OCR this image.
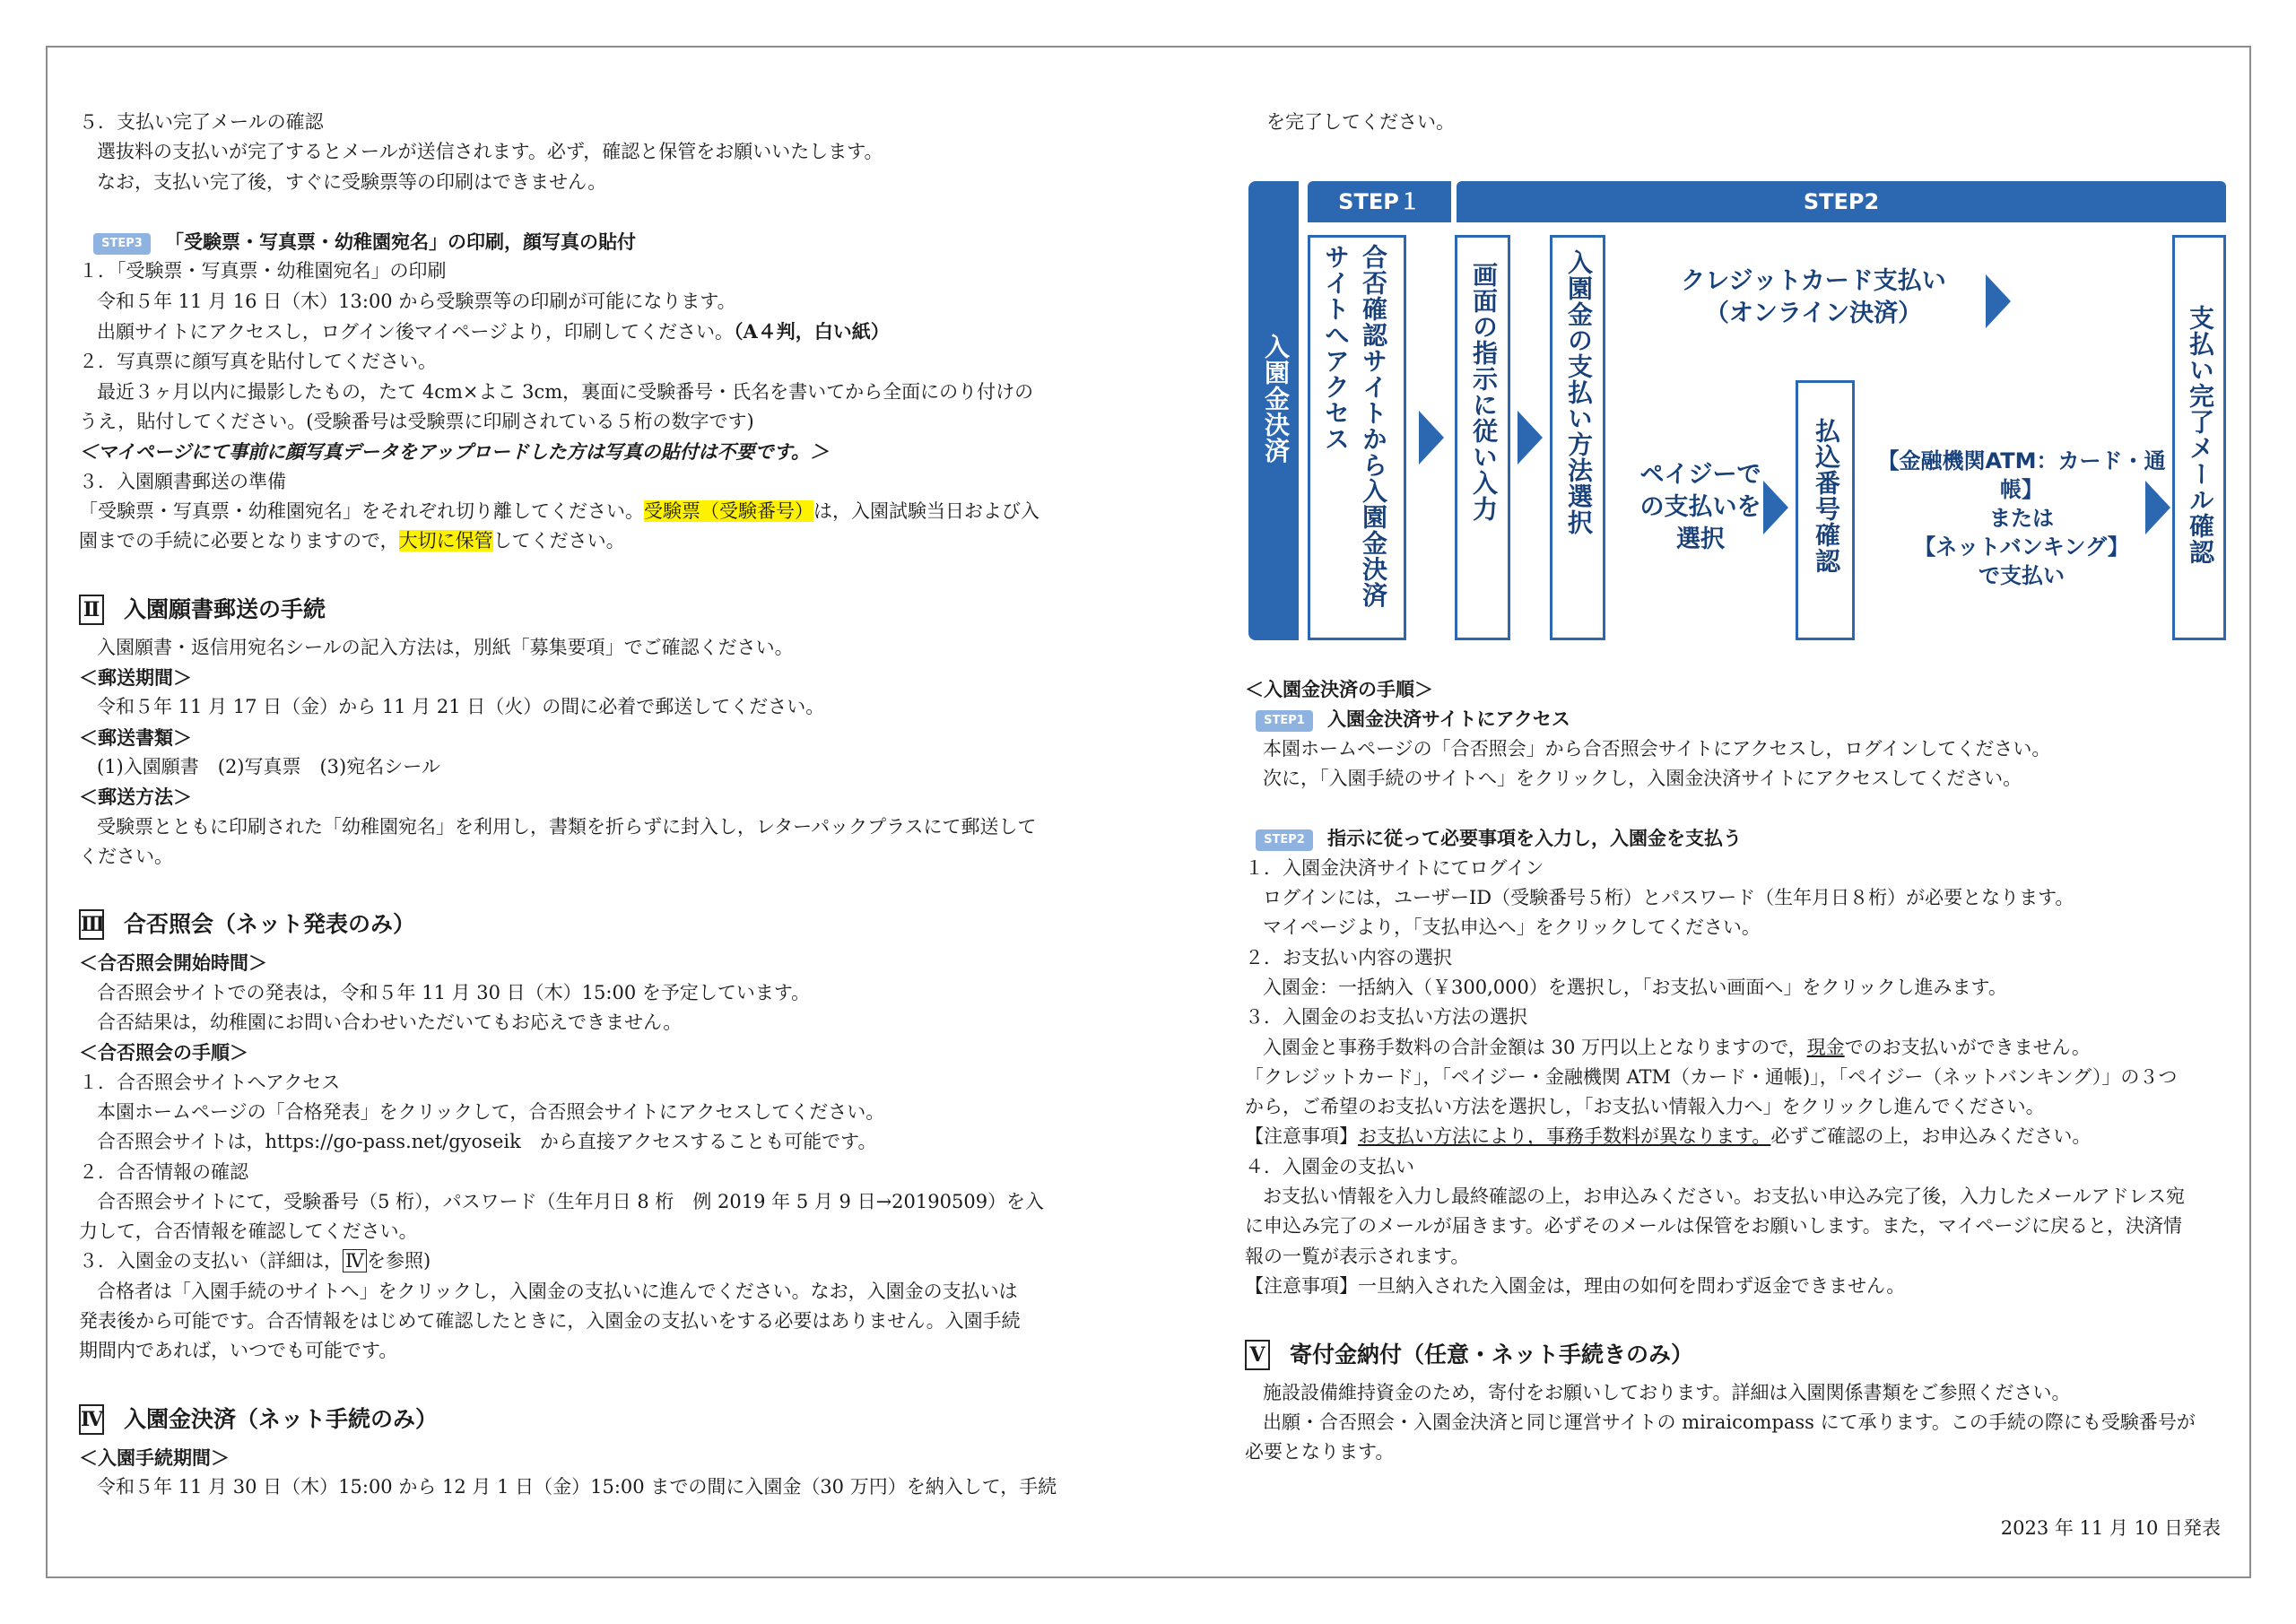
５．支払い完了メールの確認
選抜料の支払いが完了するとメールが送信されます。必ず，確認と保管をお願いいたします。
なお，支払い完了後，すぐに受験票等の印刷はできません。
STEP3 「受験票・写真票・幼稚園宛名」の印刷，顔写真の貼付
１．「受験票・写真票・幼稚園宛名」の印刷
令和５年 11 月 16 日（木）13:00 から受験票等の印刷が可能になります。
出願サイトにアクセスし，ログイン後マイページより，印刷してください。（A４判，白い紙）
２．写真票に顔写真を貼付してください。
最近３ヶ月以内に撮影したもの，たて 4cm×よこ 3cm，裏面に受験番号・氏名を書いてから全面にのり付けの
うえ，貼付してください。(受験番号は受験票に印刷されている５桁の数字です)
＜マイページにて事前に顔写真データをアップロードした方は写真の貼付は不要です。＞
３．入園願書郵送の準備
「受験票・写真票・幼稚園宛名」をそれぞれ切り離してください。受験票（受験番号）は，入園試験当日および入
園までの手続に必要となりますので，大切に保管してください。
Ⅱ 入園願書郵送の手続
入園願書・返信用宛名シールの記入方法は，別紙「募集要項」でご確認ください。
＜郵送期間＞
令和５年 11 月 17 日（金）から 11 月 21 日（火）の間に必着で郵送してください。
＜郵送書類＞
(1)入園願書　(2)写真票　(3)宛名シール
＜郵送方法＞
受験票とともに印刷された「幼稚園宛名」を利用し，書類を折らずに封入し，レターパックプラスにて郵送して
ください。
Ⅲ 合否照会（ネット発表のみ）
＜合否照会開始時間＞
合否照会サイトでの発表は，令和５年 11 月 30 日（木）15:00 を予定しています。
合否結果は，幼稚園にお問い合わせいただいてもお応えできません。
＜合否照会の手順＞
１．合否照会サイトへアクセス
本園ホームページの「合格発表」をクリックして，合否照会サイトにアクセスしてください。
合否照会サイトは，https://go-pass.net/gyoseik　から直接アクセスすることも可能です。
２．合否情報の確認
合否照会サイトにて，受験番号（5 桁），パスワード（生年月日 8 桁　例 2019 年 5 月 9 日→20190509）を入
力して，合否情報を確認してください。
３．入園金の支払い（詳細は， Ⅳ を参照)
合格者は「入園手続のサイトへ」をクリックし，入園金の支払いに進んでください。なお，入園金の支払いは
発表後から可能です。合否情報をはじめて確認したときに，入園金の支払いをする必要はありません。入園手続
期間内であれば，いつでも可能です。
Ⅳ 入園金決済（ネット手続のみ）
＜入園手続期間＞
令和５年 11 月 30 日（木）15:00 から 12 月 1 日（金）15:00 までの間に入園金（30 万円）を納入して，手続
を完了してください。
入園金決済
STEP１	STEP2
合否確認サイトから入園金決済サイトへアクセス	画面の指示に従い入力	入園金の支払い方法選択	クレジットカード支払い
（オンライン決済）
ペイジーで
の支払いを
選択	払込番号確認	【金融機関ATM：カード・通帳】
または
【ネットバンキング】
で支払い
支払い完了メール確認
＜入園金決済の手順＞
STEP1 入園金決済サイトにアクセス
本園ホームページの「合否照会」から合否照会サイトにアクセスし，ログインしてください。
次に，「入園手続のサイトへ」をクリックし，入園金決済サイトにアクセスしてください。
STEP2 指示に従って必要事項を入力し，入園金を支払う
１．入園金決済サイトにてログイン
ログインには，ユーザーID（受験番号５桁）とパスワード（生年月日８桁）が必要となります。
マイページより，「支払申込へ」をクリックしてください。
２．お支払い内容の選択
入園金：一括納入（￥300,000）を選択し，「お支払い画面へ」をクリックし進みます。
３．入園金のお支払い方法の選択
入園金と事務手数料の合計金額は 30 万円以上となりますので，現金でのお支払いができません。
「クレジットカード」，「ペイジー・金融機関 ATM（カード・通帳)」，「ペイジー（ネットバンキング）」の３つ
から，ご希望のお支払い方法を選択し，「お支払い情報入力へ」をクリックし進んでください。
【注意事項】お支払い方法により，事務手数料が異なります。必ずご確認の上，お申込みください。
４．入園金の支払い
お支払い情報を入力し最終確認の上，お申込みください。お支払い申込み完了後，入力したメールアドレス宛
に申込み完了のメールが届きます。必ずそのメールは保管をお願いします。また，マイページに戻ると，決済情
報の一覧が表示されます。
【注意事項】一旦納入された入園金は，理由の如何を問わず返金できません。
Ⅴ 寄付金納付（任意・ネット手続きのみ）
施設設備維持資金のため，寄付をお願いしております。詳細は入園関係書類をご参照ください。
出願・合否照会・入園金決済と同じ運営サイトの miraicompass にて承ります。この手続の際にも受験番号が
必要となります。
2023 年 11 月 10 日発表
